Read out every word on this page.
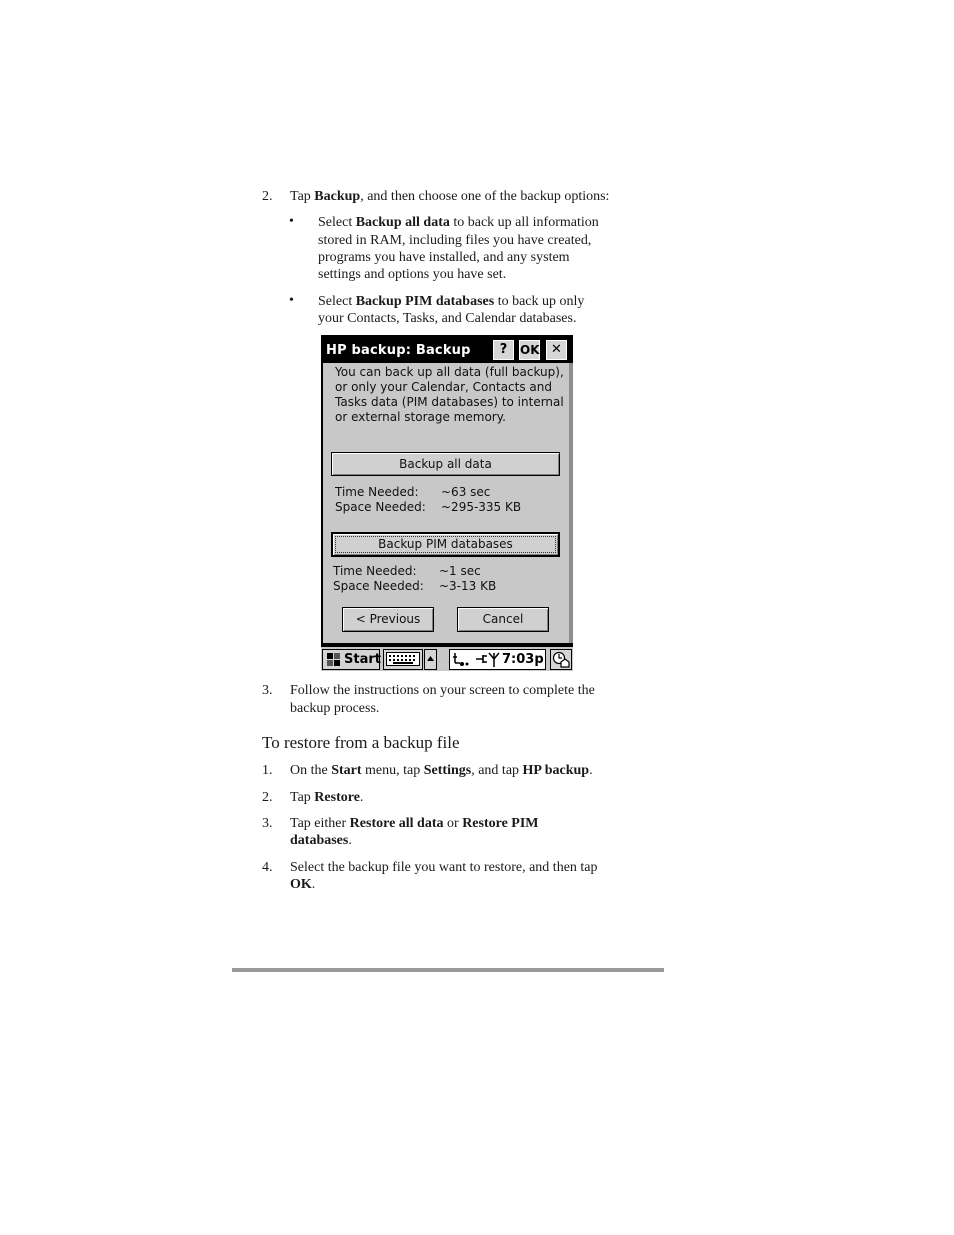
2. Tap Backup, and then choose one of the backup options:
• Select Backup all data to back up all information
stored in RAM, including files you have created,
programs you have installed, and any system
settings and options you have set.
• Select Backup PIM databases to back up only
your Contacts, Tasks, and Calendar databases.
HP backup: Backup	?	OK ✕
You can back up all data (full backup),
or only your Calendar, Contacts and
Tasks data (PIM databases) to internal
or external storage memory.
Backup all data
Time Needed: ~63 sec
Space Needed: ~295-335 KB
Backup PIM databases
Time Needed: ~1 sec
Space Needed: ~3-13 KB
< Previous	Cancel
Start	7:03p
3. Follow the instructions on your screen to complete the
backup process.
To restore from a backup file
1. On the Start menu, tap Settings, and tap HP backup.
2. Tap Restore.
3. Tap either Restore all data or Restore PIM
databases.
4. Select the backup file you want to restore, and then tap
OK.
